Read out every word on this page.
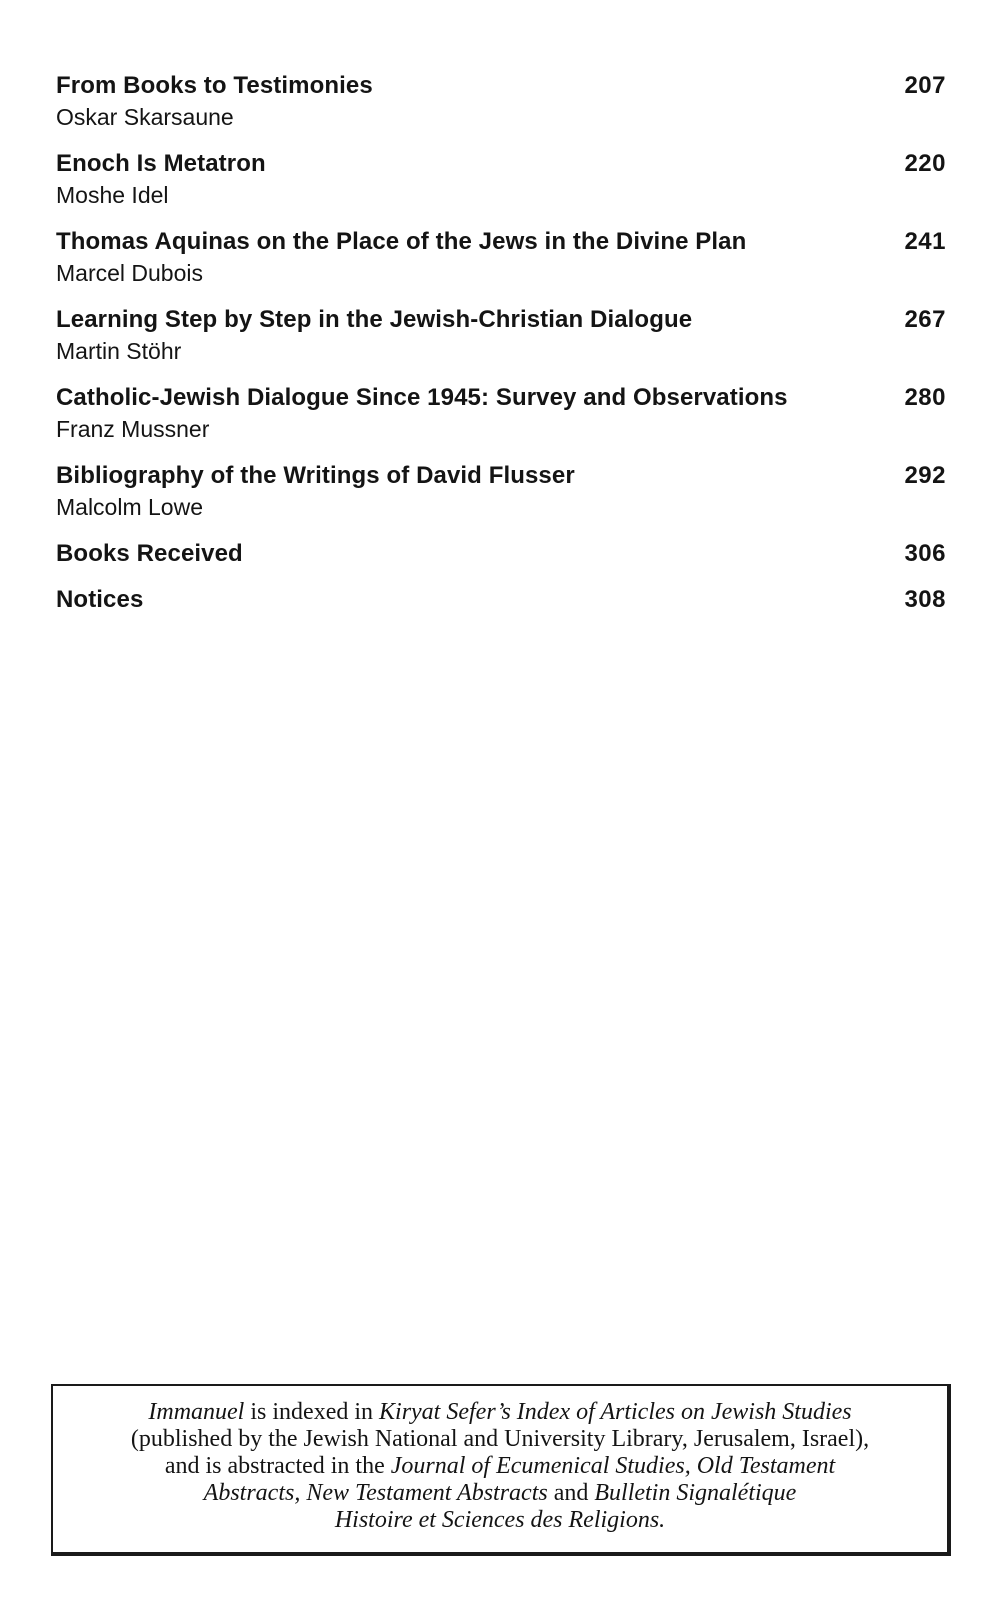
From Books to Testimonies	207
Oskar Skarsaune
Enoch Is Metatron	220
Moshe Idel
Thomas Aquinas on the Place of the Jews in the Divine Plan	241
Marcel Dubois
Learning Step by Step in the Jewish-Christian Dialogue	267
Martin Stöhr
Catholic-Jewish Dialogue Since 1945: Survey and Observations	280
Franz Mussner
Bibliography of the Writings of David Flusser	292
Malcolm Lowe
Books Received	306
Notices	308
Immanuel is indexed in Kiryat Sefer’s Index of Articles on Jewish Studies
(published by the Jewish National and University Library, Jerusalem, Israel),
and is abstracted in the Journal of Ecumenical Studies, Old Testament
Abstracts, New Testament Abstracts and Bulletin Signalétique
Histoire et Sciences des Religions.
